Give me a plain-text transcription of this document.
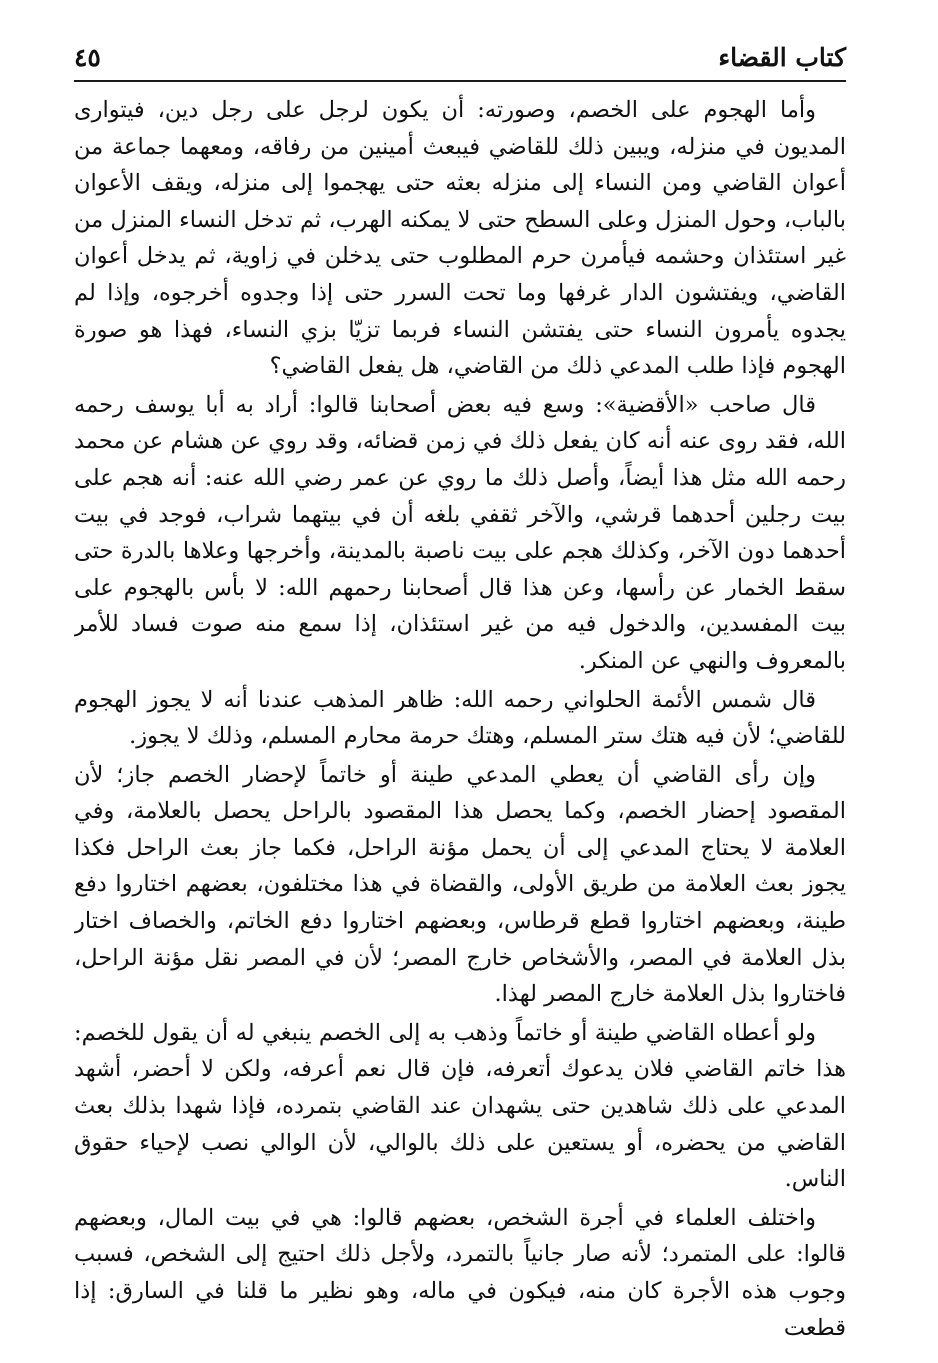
كتاب القضاء
٤٥

وأما الهجوم على الخصم، وصورته: أن يكون لرجل على رجل دين، فيتوارى المديون في منزله، ويبين ذلك للقاضي فيبعث أمينين من رفاقه، ومعهما جماعة من أعوان القاضي ومن النساء إلى منزله بعثه حتى يهجموا إلى منزله، ويقف الأعوان بالباب، وحول المنزل وعلى السطح حتى لا يمكنه الهرب، ثم تدخل النساء المنزل من غير استئذان وحشمه فيأمرن حرم المطلوب حتى يدخلن في زاوية، ثم يدخل أعوان القاضي، ويفتشون الدار غرفها وما تحت السرر حتى إذا وجدوه أخرجوه، وإذا لم يجدوه يأمرون النساء حتى يفتشن النساء فربما تزيّا بزي النساء، فهذا هو صورة الهجوم فإذا طلب المدعي ذلك من القاضي، هل يفعل القاضي؟

قال صاحب «الأقضية»: وسع فيه بعض أصحابنا قالوا: أراد به أبا يوسف رحمه الله، فقد روى عنه أنه كان يفعل ذلك في زمن قضائه، وقد روي عن هشام عن محمد رحمه الله مثل هذا أيضاً، وأصل ذلك ما روي عن عمر رضي الله عنه: أنه هجم على بيت رجلين أحدهما قرشي، والآخر ثقفي بلغه أن في بيتهما شراب، فوجد في بيت أحدهما دون الآخر، وكذلك هجم على بيت ناصبة بالمدينة، وأخرجها وعلاها بالدرة حتى سقط الخمار عن رأسها، وعن هذا قال أصحابنا رحمهم الله: لا بأس بالهجوم على بيت المفسدين، والدخول فيه من غير استئذان، إذا سمع منه صوت فساد للأمر بالمعروف والنهي عن المنكر.

قال شمس الأئمة الحلواني رحمه الله: ظاهر المذهب عندنا أنه لا يجوز الهجوم للقاضي؛ لأن فيه هتك ستر المسلم، وهتك حرمة محارم المسلم، وذلك لا يجوز.

وإن رأى القاضي أن يعطي المدعي طينة أو خاتماً لإحضار الخصم جاز؛ لأن المقصود إحضار الخصم، وكما يحصل هذا المقصود بالراحل يحصل بالعلامة، وفي العلامة لا يحتاج المدعي إلى أن يحمل مؤنة الراحل، فكما جاز بعث الراحل فكذا يجوز بعث العلامة من طريق الأولى، والقضاة في هذا مختلفون، بعضهم اختاروا دفع طينة، وبعضهم اختاروا قطع قرطاس، وبعضهم اختاروا دفع الخاتم، والخصاف اختار بذل العلامة في المصر، والأشخاص خارج المصر؛ لأن في المصر نقل مؤنة الراحل، فاختاروا بذل العلامة خارج المصر لهذا.

ولو أعطاه القاضي طينة أو خاتماً وذهب به إلى الخصم ينبغي له أن يقول للخصم: هذا خاتم القاضي فلان يدعوك أتعرفه، فإن قال نعم أعرفه، ولكن لا أحضر، أشهد المدعي على ذلك شاهدين حتى يشهدان عند القاضي بتمرده، فإذا شهدا بذلك بعث القاضي من يحضره، أو يستعين على ذلك بالوالي، لأن الوالي نصب لإحياء حقوق الناس.

واختلف العلماء في أجرة الشخص، بعضهم قالوا: هي في بيت المال، وبعضهم قالوا: على المتمرد؛ لأنه صار جانياً بالتمرد، ولأجل ذلك احتيج إلى الشخص، فسبب وجوب هذه الأجرة كان منه، فيكون في ماله، وهو نظير ما قلنا في السارق: إذا قطعت
